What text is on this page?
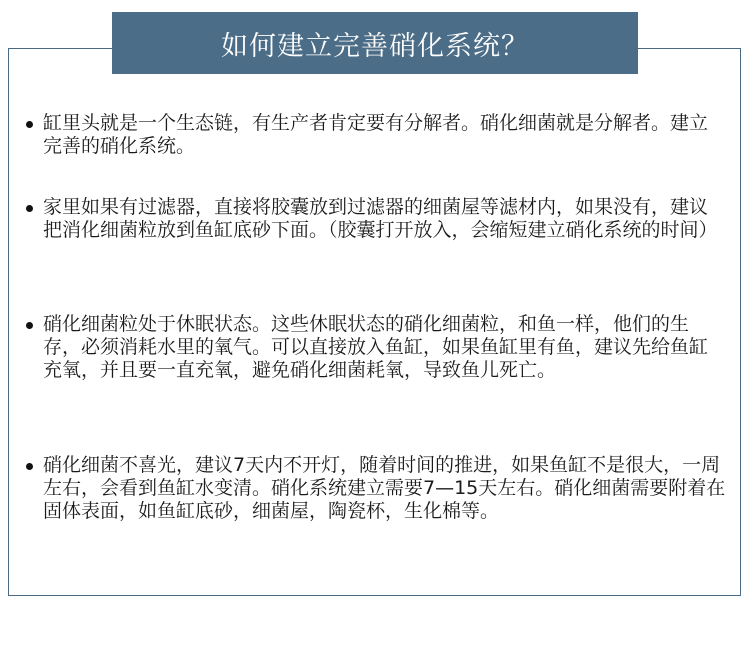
如何建立完善硝化系统？
缸里头就是一个生态链，有生产者肯定要有分解者。硝化细菌就是分解者。建立完善的硝化系统。
家里如果有过滤器，直接将胶囊放到过滤器的细菌屋等滤材内，如果没有，建议把消化细菌粒放到鱼缸底砂下面。（胶囊打开放入，会缩短建立硝化系统的时间）
硝化细菌粒处于休眠状态。这些休眠状态的硝化细菌粒，和鱼一样，他们的生存，必须消耗水里的氧气。可以直接放入鱼缸，如果鱼缸里有鱼，建议先给鱼缸充氧，并且要一直充氧，避免硝化细菌耗氧，导致鱼儿死亡。
硝化细菌不喜光，建议7天内不开灯，随着时间的推进，如果鱼缸不是很大，一周左右，会看到鱼缸水变清。硝化系统建立需要7—15天左右。硝化细菌需要附着在固体表面，如鱼缸底砂，细菌屋，陶瓷杯，生化棉等。
